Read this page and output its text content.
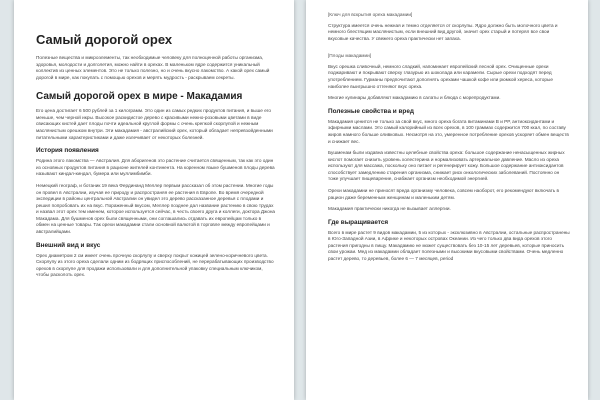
Самый дорогой орех

Полезные вещества и микроэлементы, так необходимые человеку для полноценной работы организма, здоровья, молодости и долголетия, можно найти в орехах. В маленьком ядре содержится уникальный коллектив из ценных элементов. Это не только полезно, но и очень вкусно лакомство. А какой орех самый дорогой в мире, как покупать с помощью орехов и мерять мудрость - раскрываем секреты.

Самый дорогой орех в мире - Макадамия

Его цена достигает 6 500 рублей за 1 килограмм. Это один из самых редких продуктов питания, и выше его меньше, чем черной икры. Высокое раскидистое дерево с красивыми нежно-розовыми цветами в виде свисающих кистей дает плоды почти идеальной круглой формы с очень крепкой скорлупой и нежным маслянистым орешком внутри. Эти макадамия - австралийский орех, который обладает непревзойденными питательными характеристиками и даже излечивает от некоторых болезней.

История появления

Родина этого лакомства — Австралия. Для аборигенов это растение считается священным, так как это один из основных продуктов питания в рационе жителей континента. На коренном языке бушменов плоды дерева называют киндал-киндал, бумера или муллимбимби.

Немецкий географ, и ботаник 19 века Фердинанд Меллер первым рассказал об этом растении. Многие годы он провел в Австралии, изучая ее природу и распространяя ее растения в Европе. Во время очередной экспедиции в районы центральной Австралии он увидел это дерево рассказанное деревья с плодами и решил попробовать их на вкус. Пораженный вкусом, Меллер позднее дал название растению в свою трудах и назвал этот орех тем именем, которое используется сейчас, в честь своего друга и коллеги, доктора Джона Макадама. Для бушменов орех были священными, они соглашались отдавать их европейцам только в обмен на ценные товары. Так орехи макадамии стали основной валютой в торговле между европейцами и австралийцами.

Внешний вид и вкус

Орех диаметром 2 см имеет очень прочную скорлупу и сверху покрыт кожицей зелено-коричневого цвета. Скорлупу из этого ореха сделали одним из бодрящих приспособлений, не перерабатывающих производство орехов в скорлупе для продажи использовали и для дополнительной упаковку специальным ключиком, чтобы расколоть орех.

[Ключ для вскрытия ореха макадамии]

Структура имеется очень нежная и темно отделяется от скорлупы. Ядро должно быть молочного цвета и немного блестящим маслянистым, если внешний вид другой, значит орех старый и потерял все свои вкусовые качества. У свежего ореха практически нет запаха.

[Плоды макадамии]

Вкус орешка сливочный, немного сладкий, напоминает европейский лесной орех. Очищенные орехи поджаривают и покрывают сверху глазурью из шоколада или карамели. Сырые орехи подходят перед употреблением. Гурманы предпочитают дополнять орехами чашкой кофе или рюмкой хереса, которые наиболее выигрышно оттеняют вкус ореха.

Многие кулинары добавляют макадамию в салаты и блюда с морепродуктами.

Полезные свойства и вред

Макадамия ценится не только за свой вкус, много ореха богата витаминами В и РР, антиоксидантами и эфирными маслами. Это самый калорийный из всех орехов, в 100 граммах содержится 700 ккал, по составу жиров намного больше оливковых. Несмотря на это, умеренное потребление орехов ускоряет обмен веществ и снижает вес.

Бушменам были издавна известны целебные свойства ореха: большое содержание ненасыщенных жирных кислот помогает снизить уровень холестерина и нормализовать артериальное давление. Масло из ореха используют для массажа, поскольку оно питает и регенерирует кожу. Большое содержание антиоксидантов способствует замедлению старения организма, снижает риск онкологических заболеваний. Постоянно он тоже улучшает пищеварение, снабжает организм необходимой энергией.

Орехи макадамии не приносят вреда организму человека, совсем наоборот, его рекомендуют включать в рацион даже беременным женщинам и маленьким детям.

Макадамия практически никогда не вызывает аллергии.

Где выращивается

Всего в мире растет 9 видов макадамии, 5 из которых - эксклюзивно в Австралии, остальные распространены в Юго-Западной Азии, в Африке и некоторых островах Океании. Из чего только два вида орехов этого растения пригодны в пищу. Макадамию не может существовать без 10-15 лет деревьев, которые приносить свои урожаи. Мед из макадамии обладает полезными и высокими вкусовыми свойствами. Очень медленно растет дерево, то деревьев, более 6 — 7 месяцев, period
